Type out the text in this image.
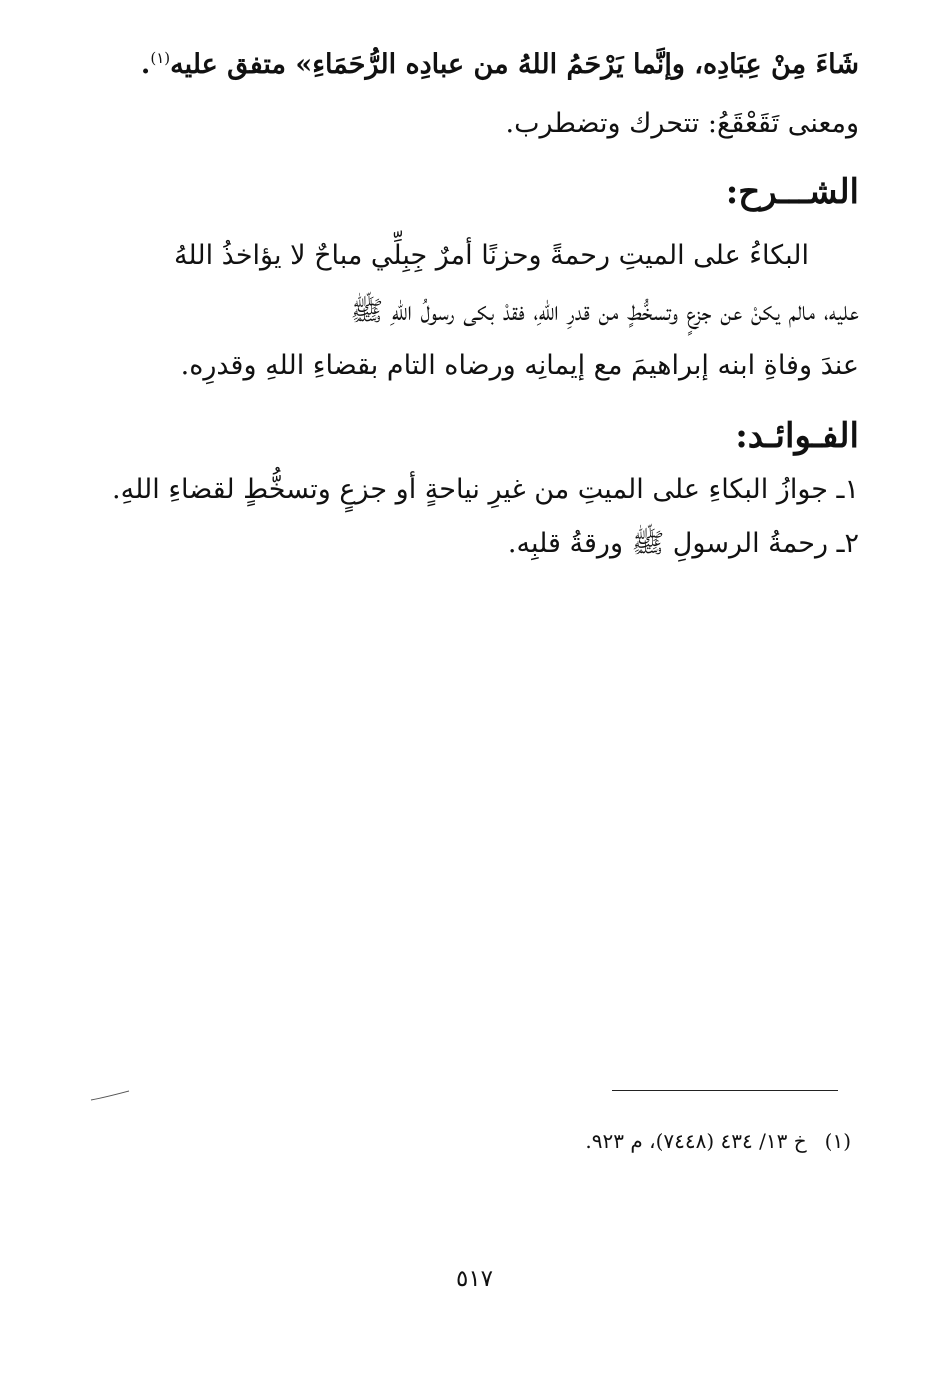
شَاءَ مِنْ عِبَادِه، وإنَّما يَرْحَمُ اللهُ من عبادِه الرُّحَمَاءِ» متفق عليه$^{(١)}$.
ومعنى تَقَعْقَعُ: تتحرك وتضطرب.
الشـــرح:
البكاءُ على الميتِ رحمةً وحزنًا أمرٌ جِبِلِّي مباحٌ لا يؤاخذُ اللهُ
عليه، مالم يكنْ عن جزعٍ وتسخُّطٍ من قدرِ اللهِ، فقدْ بكى رسولُ اللهِ ﷺ
عندَ وفاةِ ابنه إبراهيمَ مع إيمانِه ورضاه التام بقضاءِ اللهِ وقدرِه.
الفـوائـد:
١ـ جوازُ البكاءِ على الميتِ من غيرِ نياحةٍ أو جزعٍ وتسخُّطٍ لقضاءِ اللهِ.
٢ـ رحمةُ الرسولِ ﷺ ورقةُ قلبِه.
(١)خ ١٣/ ٤٣٤ (٧٤٤٨)، م ٩٢٣.
٥١٧
